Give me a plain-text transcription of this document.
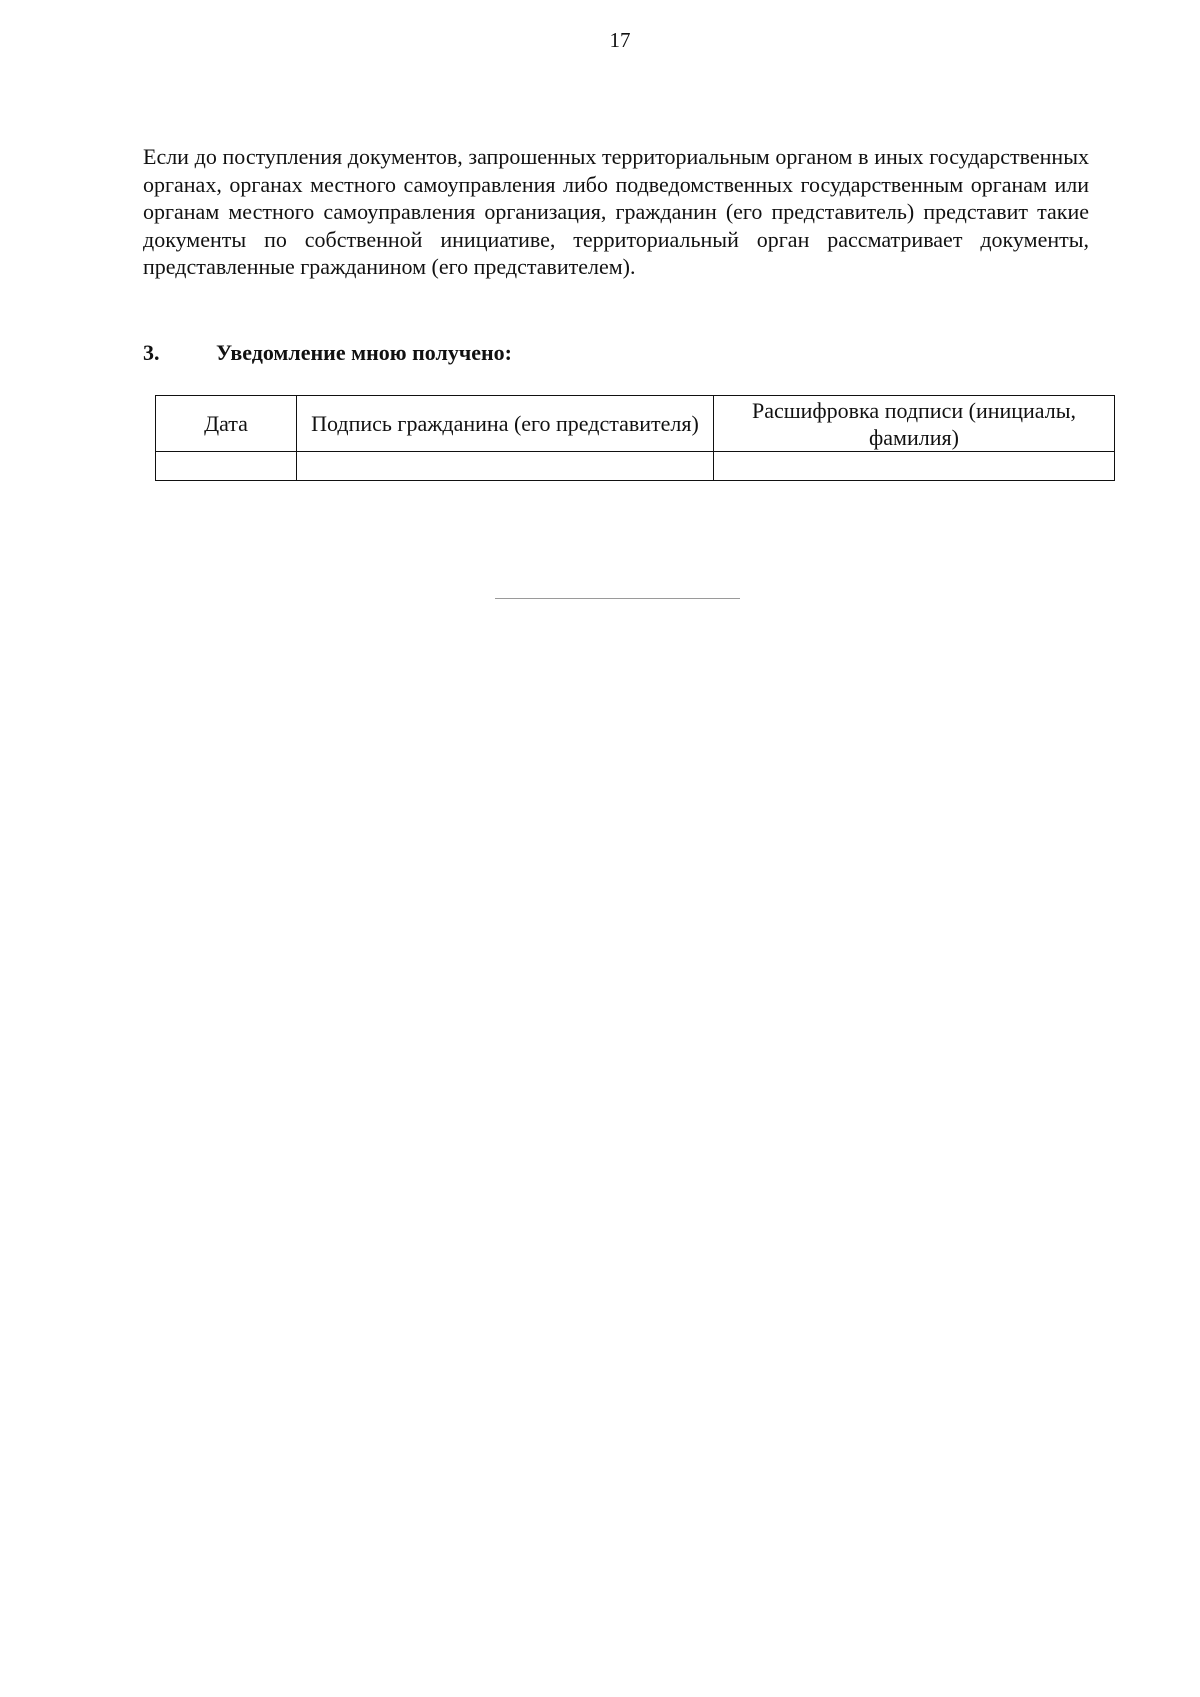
17

Если до поступления документов, запрошенных территориальным органом в иных государственных органах, органах местного самоуправления либо подведомственных государственным органам или органам местного самоуправления организация, гражданин (его представитель) представит такие документы по собственной инициативе, территориальный орган рассматривает документы, представленные гражданином (его представителем).

3.	Уведомление мною получено:
Дата	Подпись гражданина (его представителя)	Расшифровка подписи (инициалы, фамилия)
